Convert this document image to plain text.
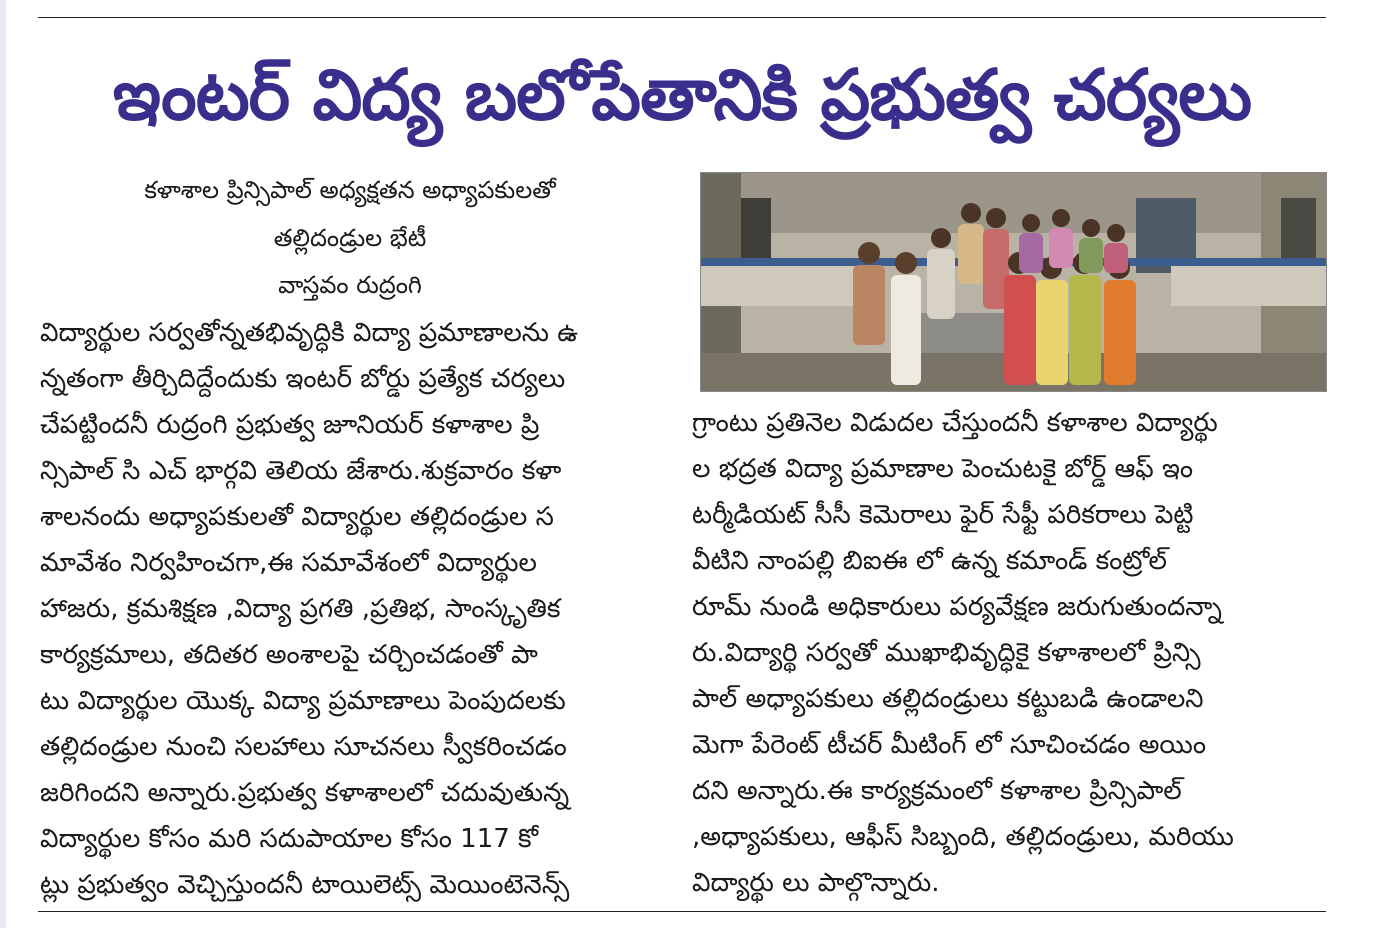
ఇంటర్ విద్య బలోపేతానికి ప్రభుత్వ చర్యలు
కళాశాల ప్రిన్సిపాల్ అధ్యక్షతన అధ్యాపకులతో
తల్లిదండ్రుల భేటీ
వాస్తవం రుద్రంగి
విద్యార్థుల సర్వతోన్నతభివృద్ధికి విద్యా ప్రమాణాలను ఉ
న్నతంగా తీర్చిదిద్దేందుకు ఇంటర్ బోర్డు ప్రత్యేక చర్యలు
చేపట్టిందనీ రుద్రంగి ప్రభుత్వ జూనియర్ కళాశాల ప్రి
న్సిపాల్ సి ఎచ్ భార్గవి తెలియ జేశారు.శుక్రవారం కళా
శాలనందు అధ్యాపకులతో విద్యార్థుల తల్లిదండ్రుల స
మావేశం నిర్వహించగా,ఈ సమావేశంలో విద్యార్థుల
హాజరు, క్రమశిక్షణ ,విద్యా ప్రగతి ,ప్రతిభ, సాంస్కృతిక
కార్యక్రమాలు, తదితర అంశాలపై చర్చించడంతో పా
టు విద్యార్థుల యొక్క విద్యా ప్రమాణాలు పెంపుదలకు
తల్లిదండ్రుల నుంచి సలహాలు సూచనలు స్వీకరించడం
జరిగిందని అన్నారు.ప్రభుత్వ కళాశాలలో చదువుతున్న
విద్యార్థుల కోసం మరి సదుపాయాల కోసం 117 కో
ట్లు ప్రభుత్వం వెచ్చిస్తుందనీ టాయిలెట్స్ మెయింటెనెన్స్
గ్రాంటు ప్రతినెల విడుదల చేస్తుందనీ కళాశాల విద్యార్థు
ల భద్రత విద్యా ప్రమాణాల పెంచుటకై బోర్డ్ ఆఫ్ ఇం
టర్మీడియట్ సీసీ కెమెరాలు ఫైర్ సేఫ్టీ పరికరాలు పెట్టి
వీటిని నాంపల్లి బిఐఈ లో ఉన్న కమాండ్ కంట్రోల్
రూమ్ నుండి అధికారులు పర్యవేక్షణ జరుగుతుందన్నా
రు.విద్యార్థి సర్వతో ముఖాభివృద్ధికై కళాశాలలో ప్రిన్సి
పాల్ అధ్యాపకులు తల్లిదండ్రులు కట్టుబడి ఉండాలని
మెగా పేరెంట్ టీచర్ మీటింగ్ లో సూచించడం అయిం
దని అన్నారు.ఈ కార్యక్రమంలో కళాశాల ప్రిన్సిపాల్
,అధ్యాపకులు, ఆఫీస్ సిబ్బంది, తల్లిదండ్రులు, మరియు
విద్యార్థు లు పాల్గొన్నారు.
